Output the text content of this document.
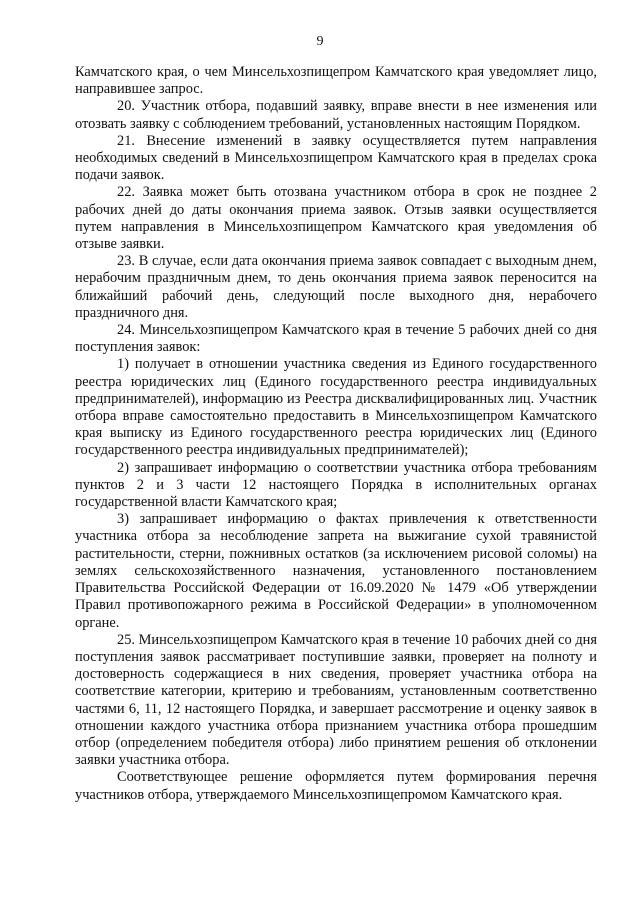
9

Камчатского края, о чем Минсельхозпищепром Камчатского края уведомляет лицо, направившее запрос.

20. Участник отбора, подавший заявку, вправе внести в нее изменения или отозвать заявку с соблюдением требований, установленных настоящим Порядком.

21. Внесение изменений в заявку осуществляется путем направления необходимых сведений в Минсельхозпищепром Камчатского края в пределах срока подачи заявок.

22. Заявка может быть отозвана участником отбора в срок не позднее 2 рабочих дней до даты окончания приема заявок. Отзыв заявки осуществляется путем направления в Минсельхозпищепром Камчатского края уведомления об отзыве заявки.

23. В случае, если дата окончания приема заявок совпадает с выходным днем, нерабочим праздничным днем, то день окончания приема заявок переносится на ближайший рабочий день, следующий после выходного дня, нерабочего праздничного дня.

24. Минсельхозпищепром Камчатского края в течение 5 рабочих дней со дня поступления заявок:

1) получает в отношении участника сведения из Единого государственного реестра юридических лиц (Единого государственного реестра индивидуальных предпринимателей), информацию из Реестра дисквалифицированных лиц. Участник отбора вправе самостоятельно предоставить в Минсельхозпищепром Камчатского края выписку из Единого государственного реестра юридических лиц (Единого государственного реестра индивидуальных предпринимателей);

2) запрашивает информацию о соответствии участника отбора требованиям пунктов 2 и 3 части 12 настоящего Порядка в исполнительных органах государственной власти Камчатского края;

3) запрашивает информацию о фактах привлечения к ответственности участника отбора за несоблюдение запрета на выжигание сухой травянистой растительности, стерни, пожнивных остатков (за исключением рисовой соломы) на землях сельскохозяйственного назначения, установленного постановлением Правительства Российской Федерации от 16.09.2020 № 1479 «Об утверждении Правил противопожарного режима в Российской Федерации» в уполномоченном органе.

25. Минсельхозпищепром Камчатского края в течение 10 рабочих дней со дня поступления заявок рассматривает поступившие заявки, проверяет на полноту и достоверность содержащиеся в них сведения, проверяет участника отбора на соответствие категории, критерию и требованиям, установленным соответственно частями 6, 11, 12 настоящего Порядка, и завершает рассмотрение и оценку заявок в отношении каждого участника отбора признанием участника отбора прошедшим отбор (определением победителя отбора) либо принятием решения об отклонении заявки участника отбора.

Соответствующее решение оформляется путем формирования перечня участников отбора, утверждаемого Минсельхозпищепромом Камчатского края.
